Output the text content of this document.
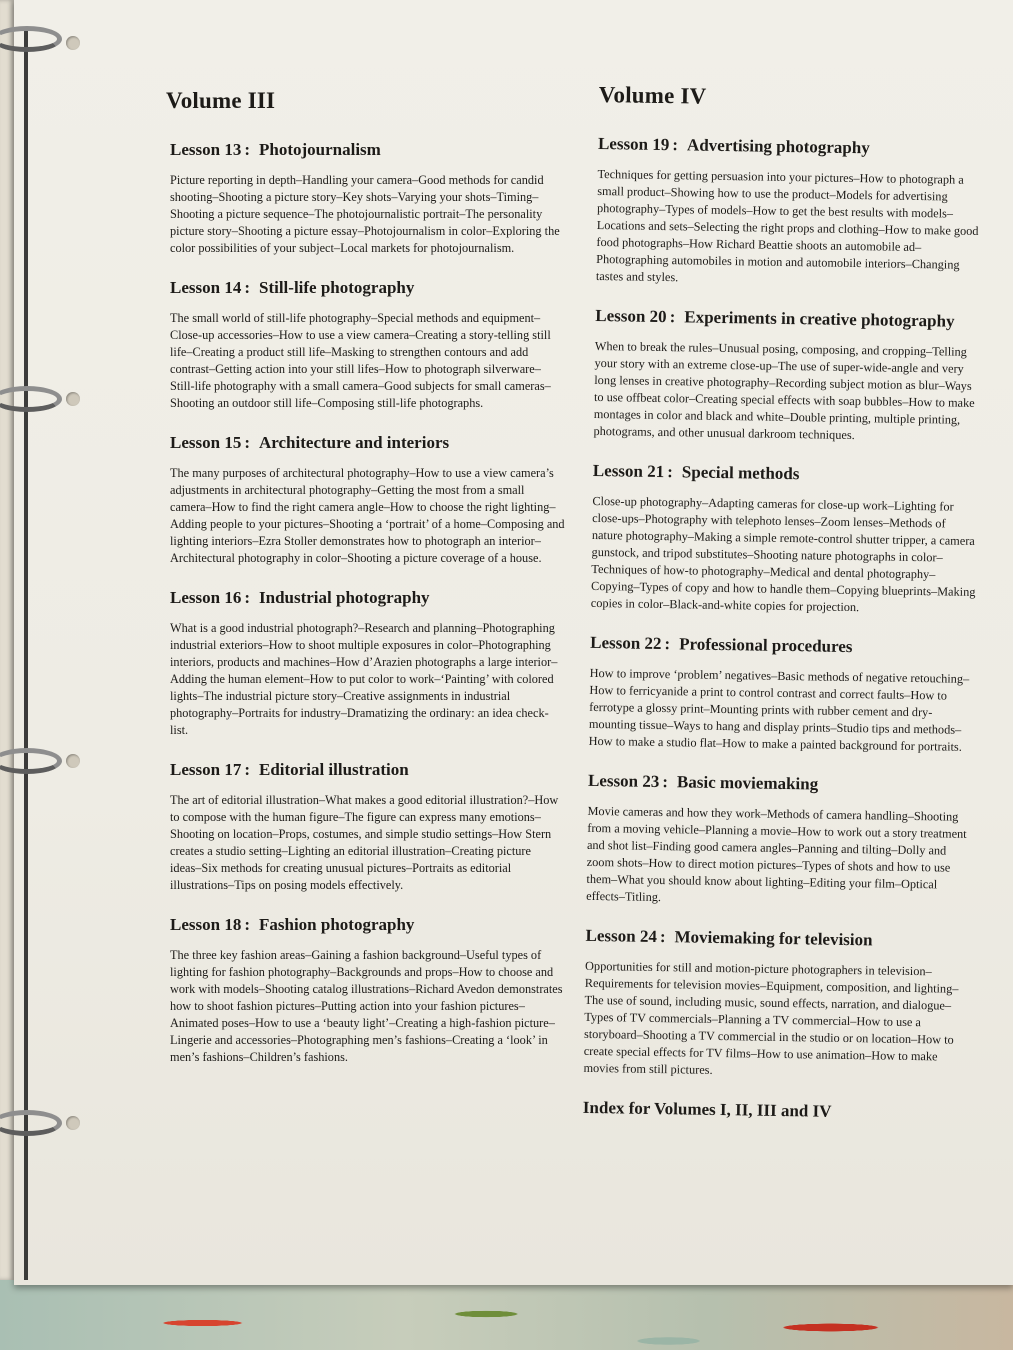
Volume III
Lesson 13 : Photojournalism

Picture reporting in depth–Handling your camera–Good methods for candid shooting–Shooting a picture story–Key shots–Varying your shots–Timing–Shooting a picture sequence–The photojournalistic portrait–The personality picture story–Shooting a picture essay–Photojournalism in color–Exploring the color possibilities of your subject–Local markets for photojournalism.

Lesson 14 : Still-life photography

The small world of still-life photography–Special methods and equipment–Close-up accessories–How to use a view camera–Creating a story-telling still life–Creating a product still life–Masking to strengthen contours and add contrast–Getting action into your still lifes–How to photograph silverware–Still-life photography with a small camera–Good subjects for small cameras–Shooting an outdoor still life–Composing still-life photographs.

Lesson 15 : Architecture and interiors

The many purposes of architectural photography–How to use a view camera’s adjustments in architectural photography–Getting the most from a small camera–How to find the right camera angle–How to choose the right lighting–Adding people to your pictures–Shooting a ‘portrait’ of a home–Composing and lighting interiors–Ezra Stoller demonstrates how to photograph an interior–Architectural photography in color–Shooting a picture coverage of a house.

Lesson 16 : Industrial photography

What is a good industrial photograph?–Research and planning–Photographing industrial exteriors–How to shoot multiple exposures in color–Photographing interiors, products and machines–How d’Arazien photographs a large interior–Adding the human element–How to put color to work–‘Painting’ with colored lights–The industrial picture story–Creative assignments in industrial photography–Portraits for industry–Dramatizing the ordinary: an idea check-list.

Lesson 17 : Editorial illustration

The art of editorial illustration–What makes a good editorial illustration?–How to compose with the human figure–The figure can express many emotions–Shooting on location–Props, costumes, and simple studio settings–How Stern creates a studio setting–Lighting an editorial illustration–Creating picture ideas–Six methods for creating unusual pictures–Portraits as editorial illustrations–Tips on posing models effectively.

Lesson 18 : Fashion photography

The three key fashion areas–Gaining a fashion background–Useful types of lighting for fashion photography–Backgrounds and props–How to choose and work with models–Shooting catalog illustrations–Richard Avedon demonstrates how to shoot fashion pictures–Putting action into your fashion pictures–Animated poses–How to use a ‘beauty light’–Creating a high-fashion picture–Lingerie and accessories–Photographing men’s fashions–Creating a ‘look’ in men’s fashions–Children’s fashions.

Volume IV
Lesson 19 : Advertising photography

Techniques for getting persuasion into your pictures–How to photograph a small product–Showing how to use the product–Models for advertising photography–Types of models–How to get the best results with models–Locations and sets–Selecting the right props and clothing–How to make good food photographs–How Richard Beattie shoots an automobile ad–Photographing automobiles in motion and automobile interiors–Changing tastes and styles.

Lesson 20 : Experiments in creative photography

When to break the rules–Unusual posing, composing, and cropping–Telling your story with an extreme close-up–The use of super-wide-angle and very long lenses in creative photography–Recording subject motion as blur–Ways to use offbeat color–Creating special effects with soap bubbles–How to make montages in color and black and white–Double printing, multiple printing, photograms, and other unusual darkroom techniques.

Lesson 21 : Special methods

Close-up photography–Adapting cameras for close-up work–Lighting for close-ups–Photography with telephoto lenses–Zoom lenses–Methods of nature photography–Making a simple remote-control shutter tripper, a camera gunstock, and tripod substitutes–Shooting nature photographs in color–Techniques of how-to photography–Medical and dental photography–Copying–Types of copy and how to handle them–Copying blueprints–Making copies in color–Black-and-white copies for projection.

Lesson 22 : Professional procedures

How to improve ‘problem’ negatives–Basic methods of negative retouching–How to ferricyanide a print to control contrast and correct faults–How to ferrotype a glossy print–Mounting prints with rubber cement and dry-mounting tissue–Ways to hang and display prints–Studio tips and methods–How to make a studio flat–How to make a painted background for portraits.

Lesson 23 : Basic moviemaking

Movie cameras and how they work–Methods of camera handling–Shooting from a moving vehicle–Planning a movie–How to work out a story treatment and shot list–Finding good camera angles–Panning and tilting–Dolly and zoom shots–How to direct motion pictures–Types of shots and how to use them–What you should know about lighting–Editing your film–Optical effects–Titling.

Lesson 24 : Moviemaking for television

Opportunities for still and motion-picture photographers in television–Requirements for television movies–Equipment, composition, and lighting–The use of sound, including music, sound effects, narration, and dialogue–Types of TV commercials–Planning a TV commercial–How to use a storyboard–Shooting a TV commercial in the studio or on location–How to create special effects for TV films–How to use animation–How to make movies from still pictures.

Index for Volumes I, II, III and IV
